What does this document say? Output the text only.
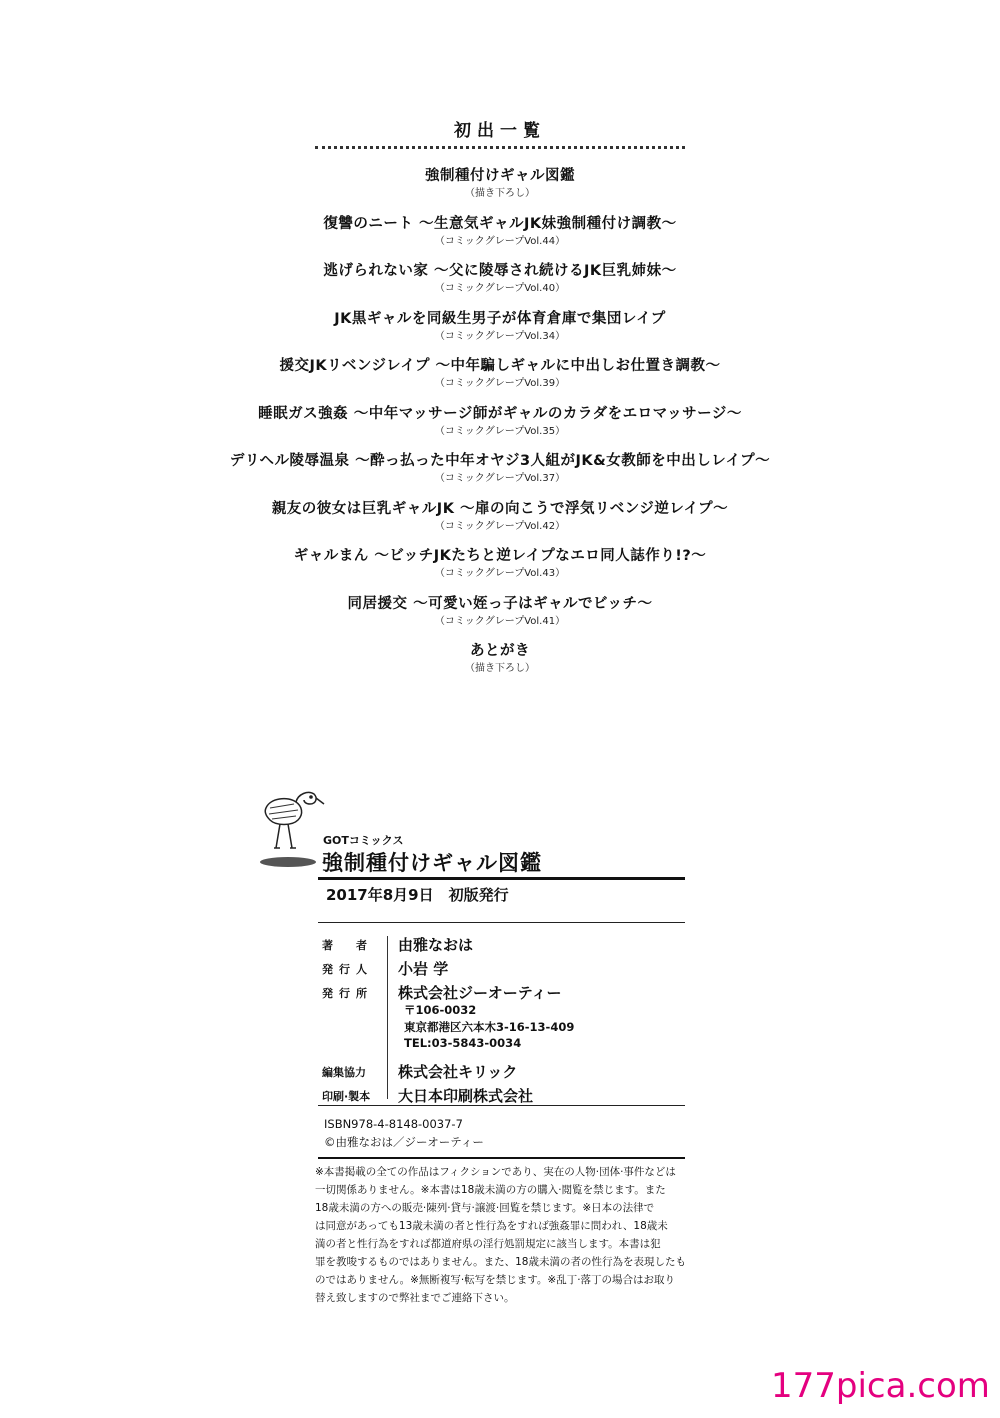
初出一覧
強制種付けギャル図鑑
（描き下ろし）
復讐のニート ～生意気ギャルJK妹強制種付け調教～
（コミックグレープVol.44）
逃げられない家 ～父に陵辱され続けるJK巨乳姉妹～
（コミックグレープVol.40）
JK黒ギャルを同級生男子が体育倉庫で集団レイプ
（コミックグレープVol.34）
援交JKリベンジレイプ ～中年騙しギャルに中出しお仕置き調教～
（コミックグレープVol.39）
睡眠ガス強姦 ～中年マッサージ師がギャルのカラダをエロマッサージ～
（コミックグレープVol.35）
デリヘル陵辱温泉 ～酔っ払った中年オヤジ3人組がJK&女教師を中出しレイプ～
（コミックグレープVol.37）
親友の彼女は巨乳ギャルJK ～扉の向こうで浮気リベンジ逆レイプ～
（コミックグレープVol.42）
ギャルまん ～ビッチJKたちと逆レイプなエロ同人誌作り!?～
（コミックグレープVol.43）
同居援交 ～可愛い姪っ子はギャルでビッチ～
（コミックグレープVol.41）
あとがき
（描き下ろし）
GOTコミックス
強制種付けギャル図鑑
2017年8月9日　初版発行
著　者	由雅なおは
発行人	小岩 学
発行所	株式会社ジーオーティー
〒106-0032
東京都港区六本木3-16-13-409
TEL:03-5843-0034
編集協力	株式会社キリック
印刷·製本	大日本印刷株式会社
ISBN978-4-8148-0037-7
©由雅なおは／ジーオーティー
※本書掲載の全ての作品はフィクションであり、実在の人物·団体·事件などは
一切関係ありません。※本書は18歳未満の方の購入·閲覧を禁じます。また
18歳未満の方への販売·陳列·貸与·譲渡·回覧を禁じます。※日本の法律で
は同意があっても13歳未満の者と性行為をすれば強姦罪に問われ、18歳未
満の者と性行為をすれば都道府県の淫行処罰規定に該当します。本書は犯
罪を教唆するものではありません。また、18歳未満の者の性行為を表現したも
のではありません。※無断複写·転写を禁じます。※乱丁·落丁の場合はお取り
替え致しますので弊社までご連絡下さい。
177pica.com
